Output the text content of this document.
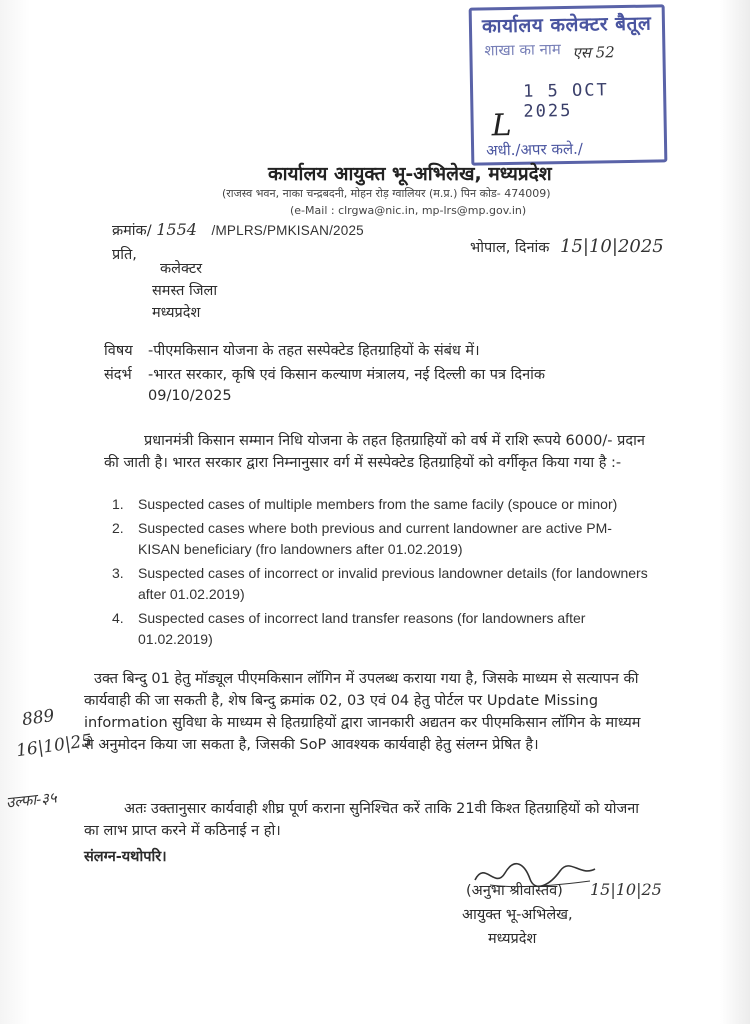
कार्यालय कलेक्टर बैतूल
शाखा का नाम एस 52
1 5 OCT 2025
L
अधी./अपर कले./
कार्यालय आयुक्त भू-अभिलेख, मध्यप्रदेश
(राजस्व भवन, नाका चन्द्रबदनी, मोहन रोड़ ग्वालियर (म.प्र.) पिन कोड- 474009)
(e-Mail : clrgwa@nic.in, mp-lrs@mp.gov.in)
क्रमांक/ 1554 /MPLRS/PMKISAN/2025
प्रति,	भोपाल, दिनांक 15|10|2025
कलेक्टर
समस्त जिला
मध्यप्रदेश
विषय -पीएमकिसान योजना के तहत सस्पेक्टेड हितग्राहियों के संबंध में।
संदर्भ -भारत सरकार, कृषि एवं किसान कल्याण मंत्रालय, नई दिल्ली का पत्र दिनांक
09/10/2025
प्रधानमंत्री किसान सम्मान निधि योजना के तहत हितग्राहियों को वर्ष में राशि रूपये 6000/- प्रदान की जाती है। भारत सरकार द्वारा निम्नानुसार वर्ग में सस्पेक्टेड हितग्राहियों को वर्गीकृत किया गया है :-
1. Suspected cases of multiple members from the same facily (spouce or minor)
2. Suspected cases where both previous and current landowner are active PM-KISAN beneficiary (fro landowners after 01.02.2019)
3. Suspected cases of incorrect or invalid previous landowner details (for landowners after 01.02.2019)
4. Suspected cases of incorrect land transfer reasons (for landowners after 01.02.2019)
उक्त बिन्दु 01 हेतु मॉड्यूल पीएमकिसान लॉगिन में उपलब्ध कराया गया है, जिसके माध्यम से सत्यापन की कार्यवाही की जा सकती है, शेष बिन्दु क्रमांक 02, 03 एवं 04 हेतु पोर्टल पर Update Missing information सुविधा के माध्यम से हितग्राहियों द्वारा जानकारी अद्यतन कर पीएमकिसान लॉगिन के माध्यम से अनुमोदन किया जा सकता है, जिसकी SoP आवश्यक कार्यवाही हेतु संलग्न प्रेषित है।
अतः उक्तानुसार कार्यवाही शीघ्र पूर्ण कराना सुनिश्चित करें ताकि 21वी किश्त हितग्राहियों को योजना का लाभ प्राप्त करने में कठिनाई न हो।
संलग्न-यथोपरि।
889
16|10|25
उल्फा-३५
(अनुभा श्रीवास्तव) 15|10|25
आयुक्त भू-अभिलेख,
मध्यप्रदेश
